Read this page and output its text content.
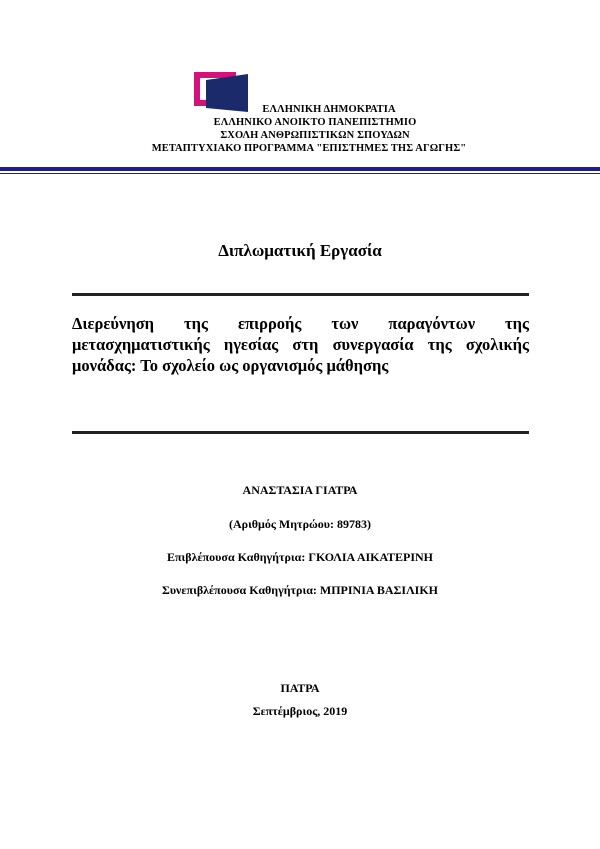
ΕΛΛΗΝΙΚΗ ΔΗΜΟΚΡΑΤΙΑ
ΕΛΛΗΝΙΚΟ ΑΝΟΙΚΤΟ ΠΑΝΕΠΙΣΤΗΜΙΟ
ΣΧΟΛΗ ΑΝΘΡΩΠΙΣΤΙΚΩΝ ΣΠΟΥΔΩΝ
ΜΕΤΑΠΤΥΧΙΑΚΟ ΠΡΟΓΡΑΜΜΑ "ΕΠΙΣΤΗΜΕΣ ΤΗΣ ΑΓΩΓΗΣ"
Διπλωματική Εργασία
Διερεύνηση της επιρροής των παραγόντων της μετασχηματιστικής ηγεσίας στη συνεργασία της σχολικής μονάδας: Το σχολείο ως οργανισμός μάθησης
ΑΝΑΣΤΑΣΙΑ ΓΙΑΤΡΑ
(Αριθμός Μητρώου: 89783)
Επιβλέπουσα Καθηγήτρια: ΓΚΟΛΙΑ ΑΙΚΑΤΕΡΙΝΗ
Συνεπιβλέπουσα Καθηγήτρια: ΜΠΡΙΝΙΑ ΒΑΣΙΛΙΚΗ
ΠΑΤΡΑ
Σεπτέμβριος, 2019
